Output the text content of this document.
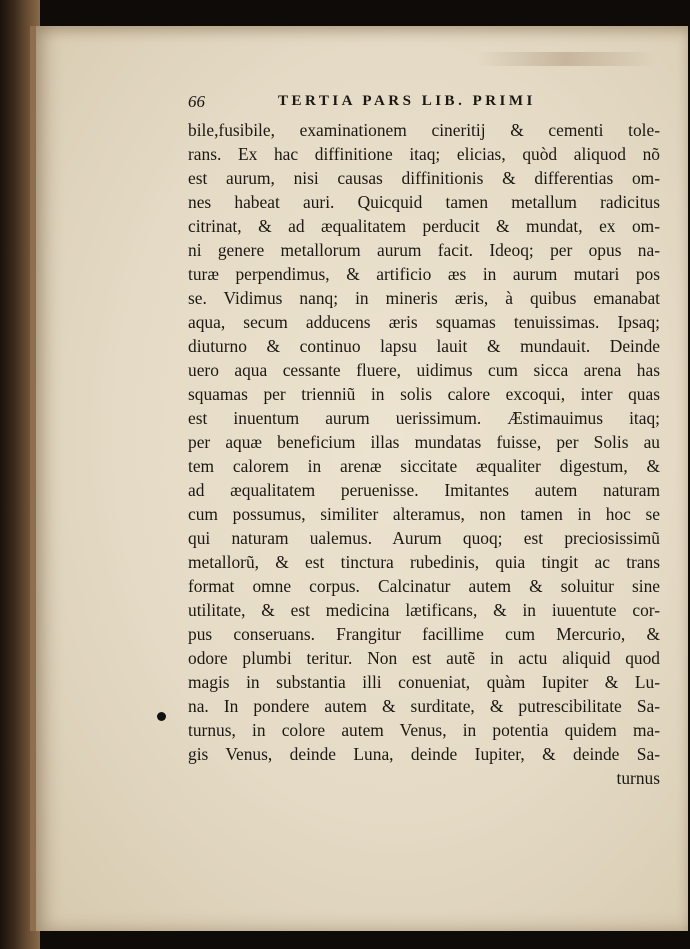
66	TERTIA PARS LIB. PRIMI
bile,fusibile, examinationem cineritij & cementi tole-
rans. Ex hac diffinitione itaq; elicias, quòd aliquod nõ
est aurum, nisi causas diffinitionis & differentias om-
nes habeat auri. Quicquid tamen metallum radicitus
citrinat, & ad æqualitatem perducit & mundat, ex om-
ni genere metallorum aurum facit. Ideoq; per opus na-
turæ perpendimus, & artificio æs in aurum mutari pos
se. Vidimus nanq; in mineris æris, à quibus emanabat
aqua, secum adducens æris squamas tenuissimas. Ipsaq;
diuturno & continuo lapsu lauit & mundauit. Deinde
uero aqua cessante fluere, uidimus cum sicca arena has
squamas per trienniũ in solis calore excoqui, inter quas
est inuentum aurum uerissimum. Æstimauimus itaq;
per aquæ beneficium illas mundatas fuisse, per Solis au
tem calorem in arenæ siccitate æqualiter digestum, &
ad æqualitatem peruenisse. Imitantes autem naturam
cum possumus, similiter alteramus, non tamen in hoc se
qui naturam ualemus. Aurum quoq; est preciosissimũ
metallorũ, & est tinctura rubedinis, quia tingit ac trans
format omne corpus. Calcinatur autem & soluitur sine
utilitate, & est medicina lætificans, & in iuuentute cor-
pus conseruans. Frangitur facillime cum Mercurio, &
odore plumbi teritur. Non est autẽ in actu aliquid quod
magis in substantia illi conueniat, quàm Iupiter & Lu-
na. In pondere autem & surditate, & putrescibilitate Sa-
turnus, in colore autem Venus, in potentia quidem ma-
gis Venus, deinde Luna, deinde Iupiter, & deinde Sa-
turnus
